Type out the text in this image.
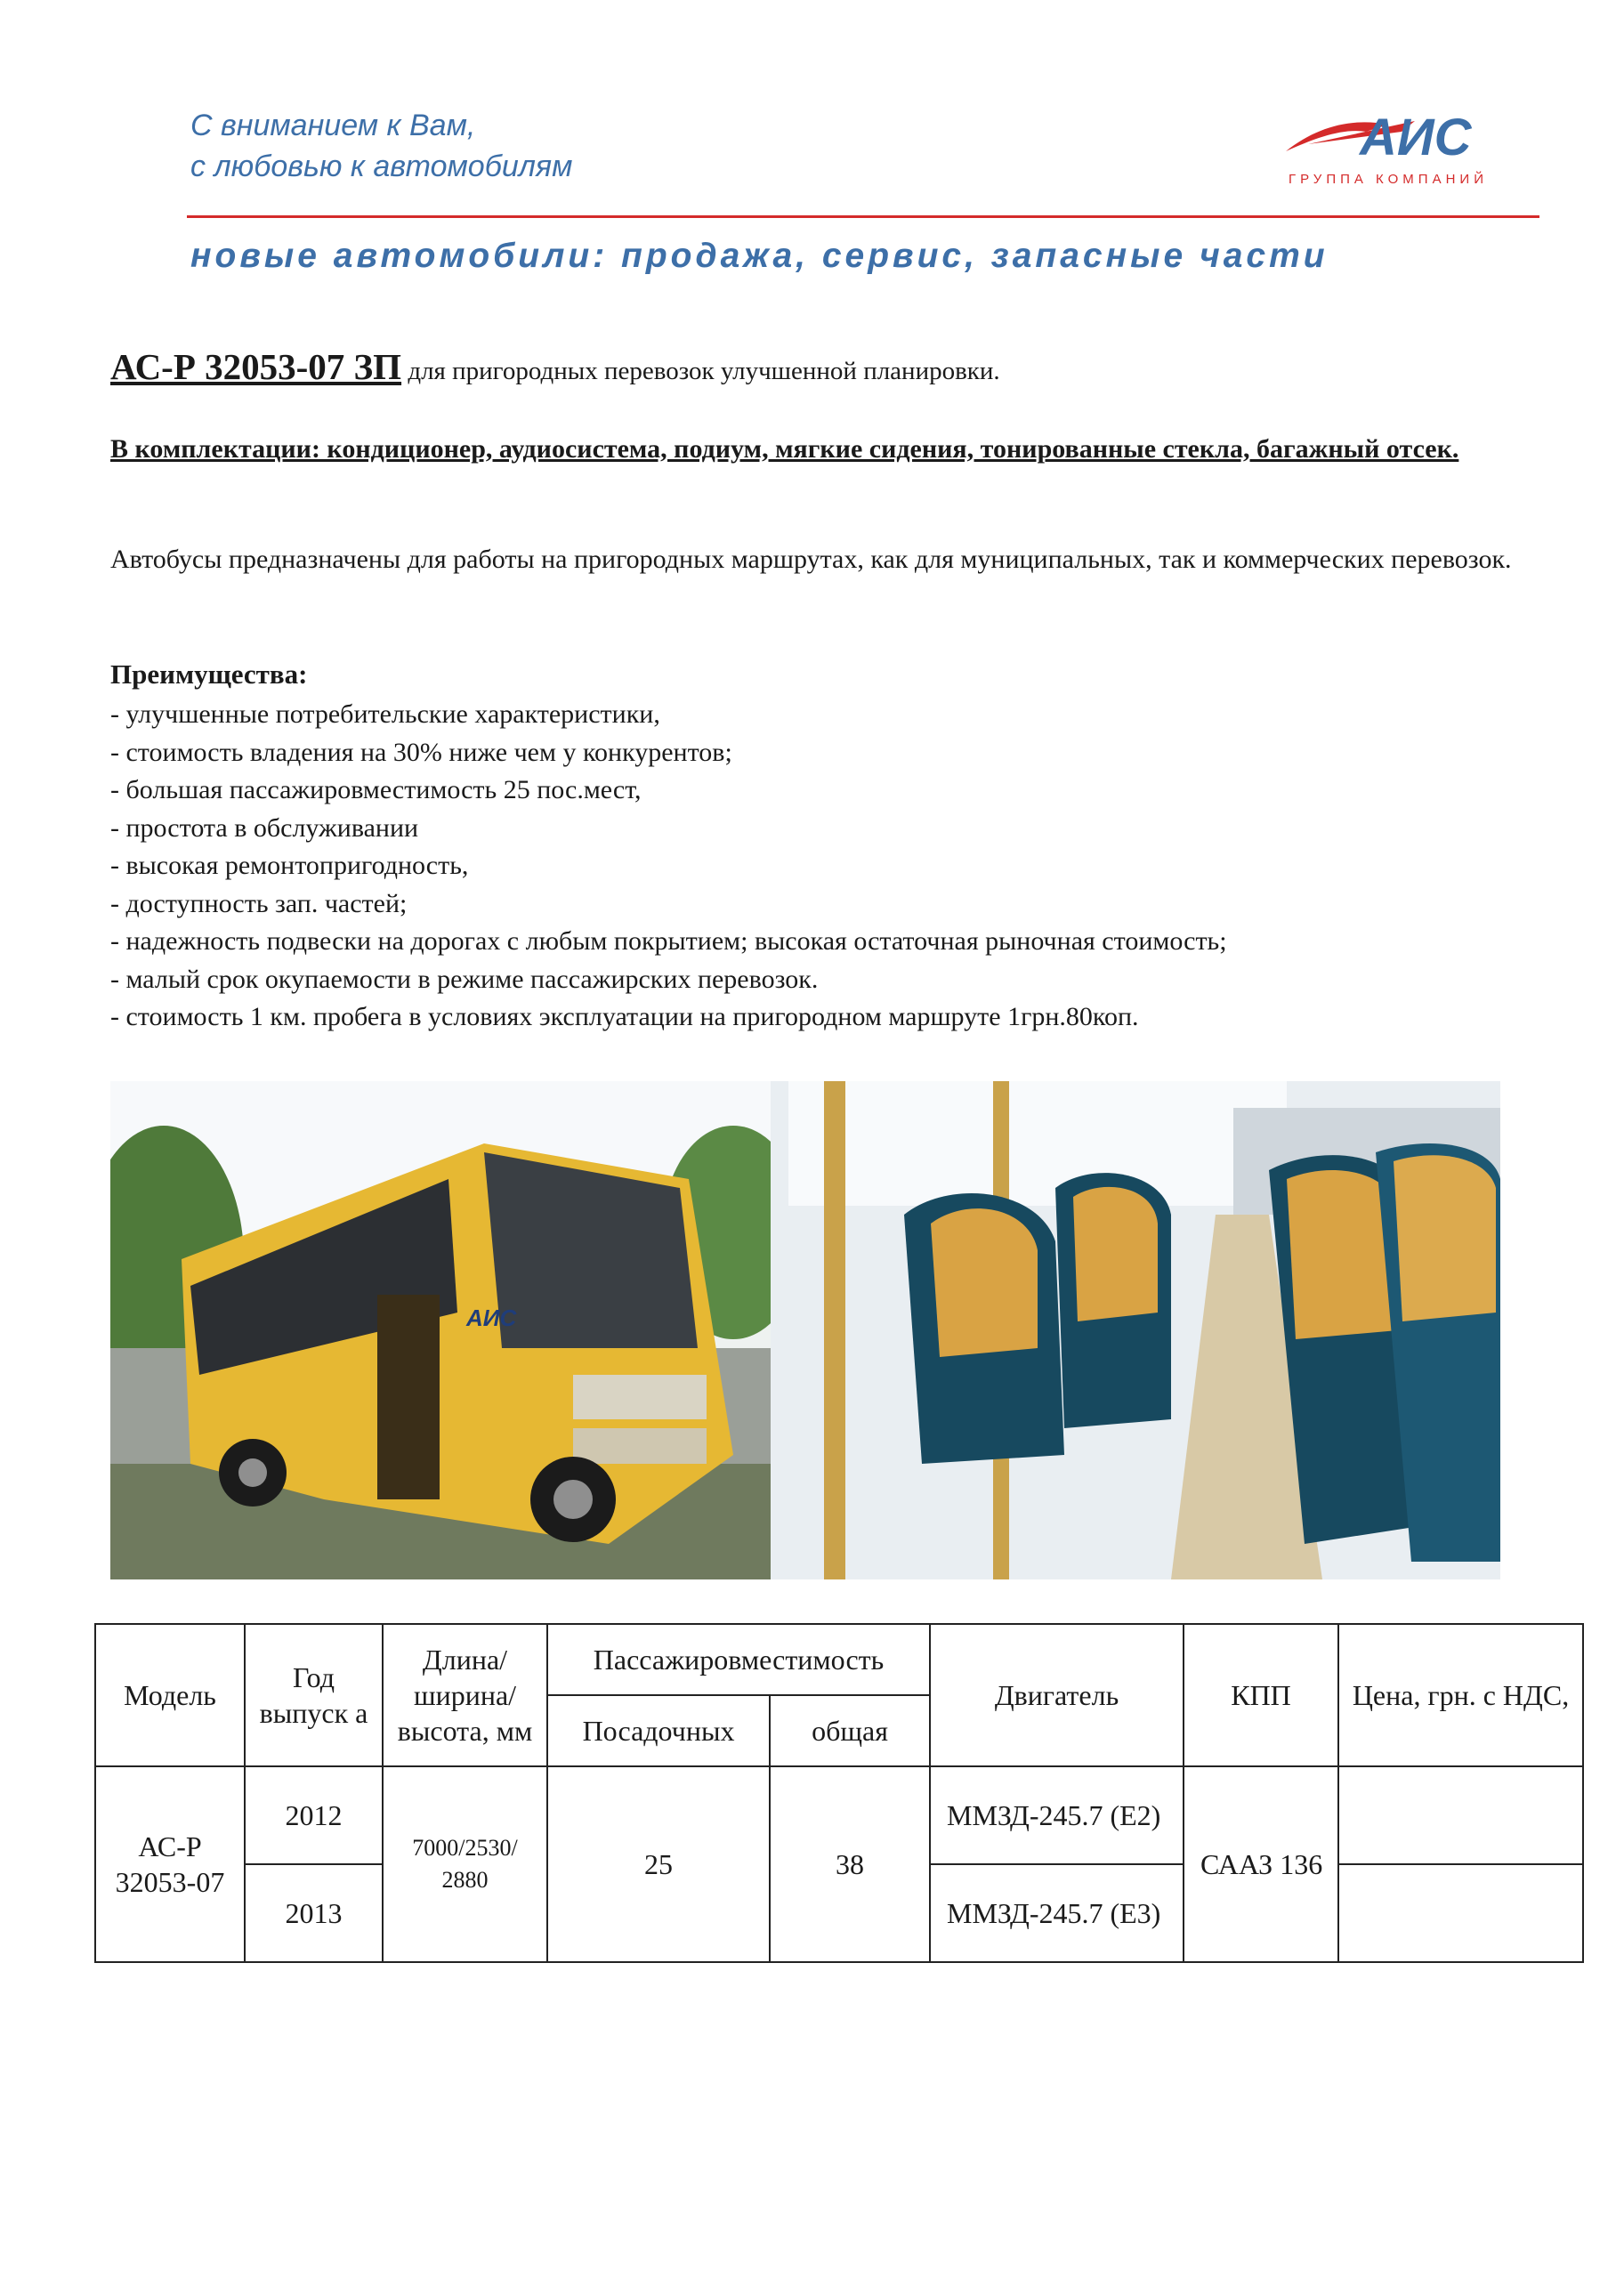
С вниманием к Вам,
с любовью к автомобилям	АИС
ГРУППА КОМПАНИЙ
новые автомобили: продажа, сервис, запасные части
АС-Р 32053-07 ЗП для пригородных перевозок улучшенной планировки.
В комплектации: кондиционер, аудиосистема, подиум, мягкие сидения, тонированные стекла, багажный отсек.
Автобусы предназначены для работы на пригородных маршрутах, как для муниципальных, так и коммерческих перевозок.
Преимущества:
- улучшенные потребительские характеристики,
- стоимость владения на 30% ниже чем у конкурентов;
- большая пассажировместимость 25 пос.мест,
- простота в обслуживании
- высокая ремонтопригодность,
- доступность зап. частей;
- надежность подвески на дорогах с любым покрытием; высокая остаточная рыночная стоимость;
- малый срок окупаемости в режиме пассажирских перевозок.
- стоимость 1 км. пробега в условиях эксплуатации на пригородном маршруте 1грн.80коп.
АИС
Модель	Год выпуск а	Длина/ ширина/ высота, мм	Пассажировместимость		Двигатель	КПП	Цена, грн. с НДС,
			Посадочных	общая			
АС-Р 32053-07	2012	7000/2530/ 2880	25	38	ММЗД-245.7 (Е2)	СААЗ 136	
	2013				ММЗД-245.7 (Е3)		
